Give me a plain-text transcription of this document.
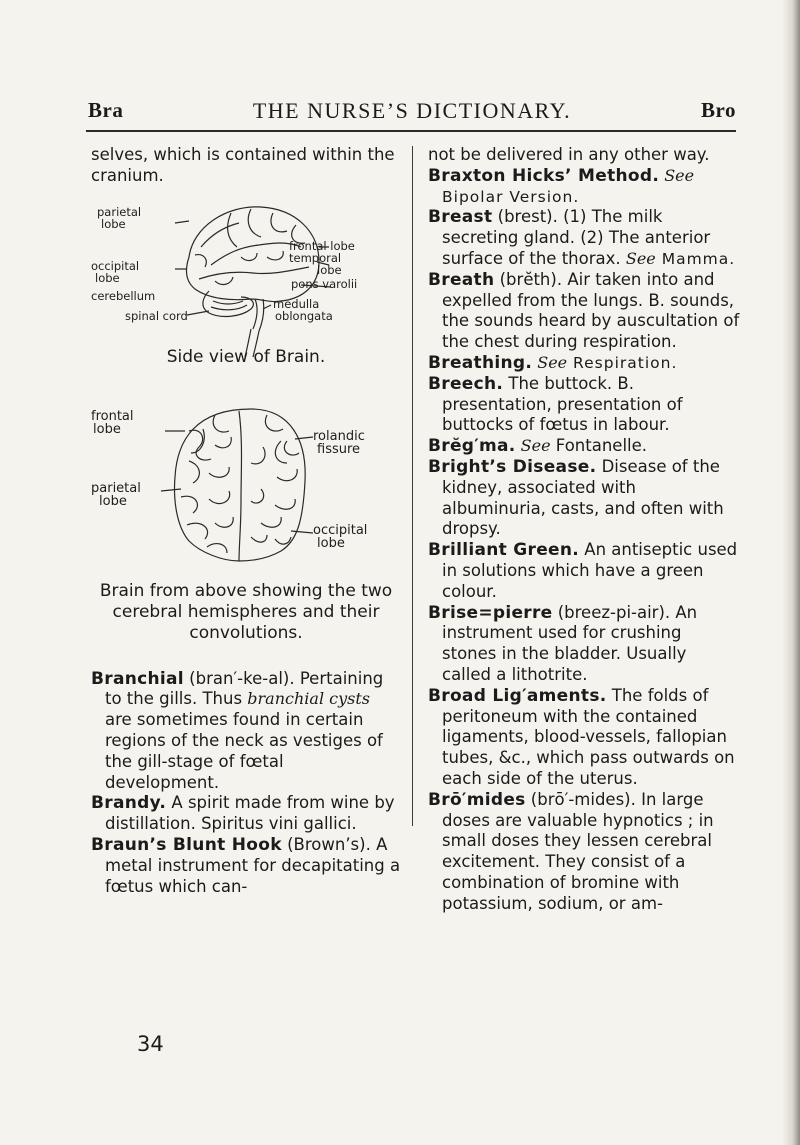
Bra	THE NURSE’S DICTIONARY.	Bro

selves, which is contained within the cranium.

parietal
lobe
frontal lobe
temporal
lobe
occipital
lobe	pons varolii
cerebellum
medulla
oblongata
spinal cord

Side view of Brain.

frontal
lobe	rolandic
fissure
parietal
lobe
occipital
lobe

Brain from above showing the two cerebral hemispheres and their convolutions.

Branchial (bran′-ke-al). Pertaining to the gills. Thus branchial cysts are sometimes found in certain regions of the neck as vestiges of the gill-stage of fœtal development.

Brandy. A spirit made from wine by distillation. Spiritus vini gallici.

Braun’s Blunt Hook (Brown’s). A metal instrument for decapitating a fœtus which can-

not be delivered in any other way.

Braxton Hicks’ Method. See Bipolar Version.

Breast (brest). (1) The milk secreting gland. (2) The anterior surface of the thorax. See Mamma.

Breath (brĕth). Air taken into and expelled from the lungs. B. sounds, the sounds heard by auscultation of the chest during respiration.

Breathing. See Respiration.

Breech. The buttock. B. presentation, presentation of buttocks of fœtus in labour.

Brĕg′ma. See Fontanelle.

Bright’s Disease. Disease of the kidney, associated with albuminuria, casts, and often with dropsy.

Brilliant Green. An antiseptic used in solutions which have a green colour.

Brise=pierre (breez-pi-air). An instrument used for crushing stones in the bladder. Usually called a lithotrite.

Broad Lig′aments. The folds of peritoneum with the contained ligaments, blood-vessels, fallopian tubes, &c., which pass outwards on each side of the uterus.

Brō′mides (brō′-mides). In large doses are valuable hypnotics ; in small doses they lessen cerebral excitement. They consist of a combination of bromine with potassium, sodium, or am-

34
